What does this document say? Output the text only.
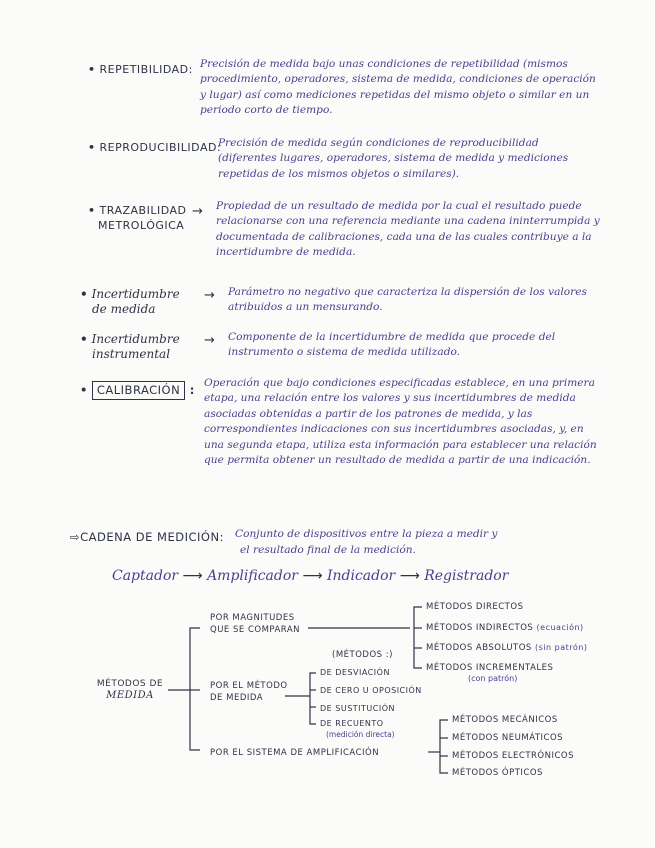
• REPETIBILIDAD: Precisión de medida bajo unas condiciones de repetibilidad (mismos procedimiento, operadores, sistema de medida, condiciones de operación y lugar) así como mediciones repetidas del mismo objeto o similar en un periodo corto de tiempo.
• REPRODUCIBILIDAD:
Precisión de medida según condiciones de reproducibilidad (diferentes lugares, operadores, sistema de medida y mediciones repetidas de los mismos objetos o similares).
• TRAZABILIDAD
METROLÓGICA
→ Propiedad de un resultado de medida por la cual el resultado puede relacionarse con una referencia mediante una cadena ininterrumpida y documentada de calibraciones, cada una de las cuales contribuye a la incertidumbre de medida.
• Incertidumbre
de medida
→ Parámetro no negativo que caracteriza la dispersión de los valores atribuidos a un mensurando.
• Incertidumbre
instrumental
→ Componente de la incertidumbre de medida que procede del instrumento o sistema de medida utilizado.
• CALIBRACIÓN : Operación que bajo condiciones especificadas establece, en una primera etapa, una relación entre los valores y sus incertidumbres de medida asociadas obtenidas a partir de los patrones de medida, y las correspondientes indicaciones con sus incertidumbres asociadas, y, en una segunda etapa, utiliza esta información para establecer una relación que permita obtener un resultado de medida a partir de una indicación.
⇨CADENA DE MEDICIÓN: Conjunto de dispositivos entre la pieza a medir y
el resultado final de la medición.
Captador ⟶ Amplificador ⟶ Indicador ⟶ Registrador
MÉTODOS DE
MEDIDA
POR MAGNITUDES
QUE SE COMPARAN
MÉTODOS DIRECTOS
MÉTODOS INDIRECTOS (ecuación)
MÉTODOS ABSOLUTOS (sin patrón)
MÉTODOS INCREMENTALES
(con patrón)
POR EL MÉTODO
DE MEDIDA
(MÉTODOS :)
DE DESVIACIÓN
DE CERO U OPOSICIÓN
DE SUSTITUCIÓN
DE RECUENTO
(medición directa)
POR EL SISTEMA DE AMPLIFICACIÓN
MÉTODOS MECÁNICOS
MÉTODOS NEUMÁTICOS
MÉTODOS ELECTRÓNICOS
MÉTODOS ÓPTICOS
